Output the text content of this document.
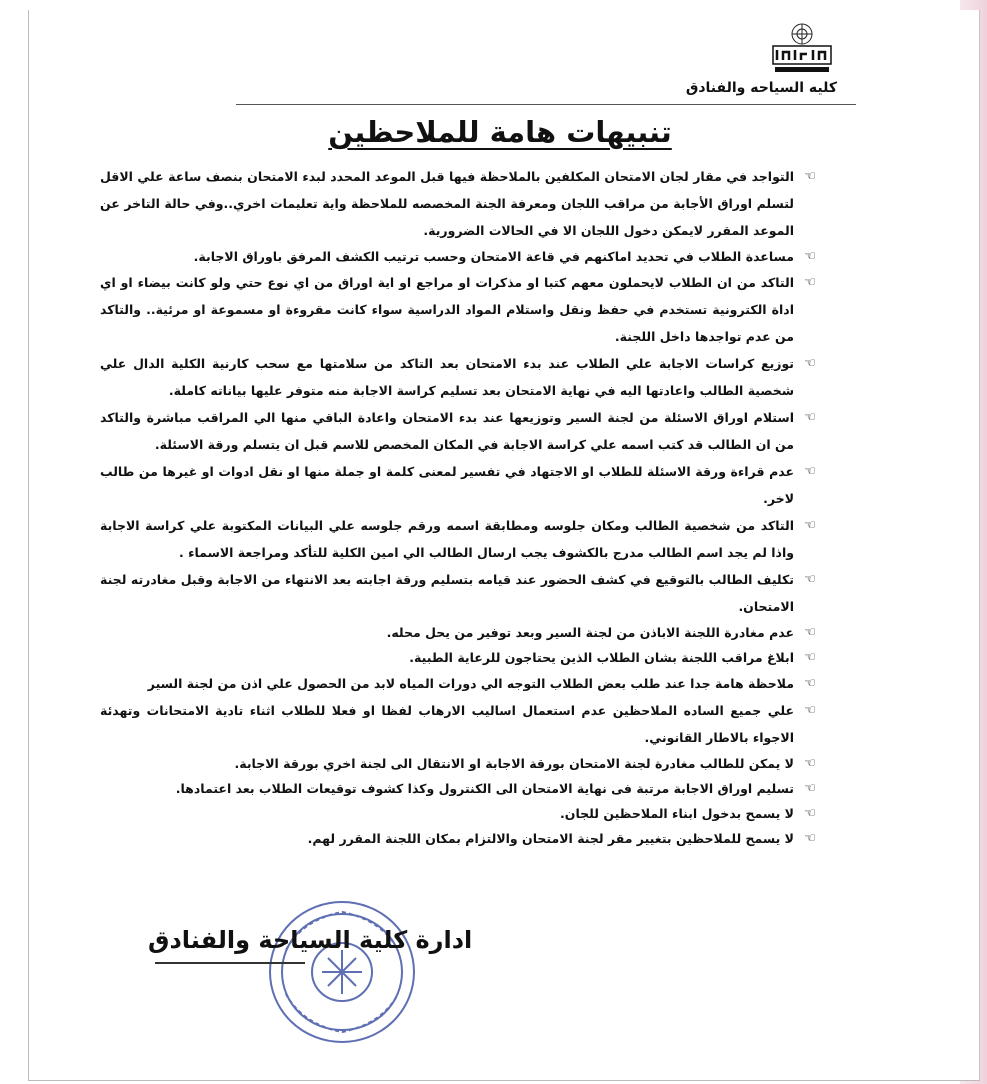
كليه السياحه والفنادق
تنبيهات هامة للملاحظين
☜
التواجد في مقار لجان الامتحان المكلفين بالملاحظة فيها قبل الموعد المحدد لبدء الامتحان بنصف ساعة علي الاقل لتسلم اوراق الأجابة من مراقب اللجان ومعرفة الجنة المخصصه للملاحظة واية تعليمات اخري..وفي حالة التاخر عن الموعد المقرر لايمكن دخول اللجان الا في الحالات الضرورية.
☜
مساعدة الطلاب في تحديد اماكنهم في قاعة الامتحان وحسب ترتيب الكشف المرفق باوراق الاجابة.
☜
التاكد من ان الطلاب لايحملون معهم كتبا او مذكرات او مراجع او اية اوراق من اي نوع حتي ولو كانت بيضاء او اي اداة الكترونية تستخدم في حفظ ونقل واستلام المواد الدراسية سواء كانت مقروءة او مسموعة او مرئية.. والتاكد من عدم تواجدها داخل اللجنة.
☜
توزيع كراسات الاجابة علي الطلاب عند بدء الامتحان بعد التاكد من سلامتها مع سحب كارنية الكلية الدال علي شخصية الطالب واعادتها اليه في نهاية الامتحان بعد تسليم كراسة الاجابة منه متوفر عليها بياناته كاملة.
☜
استلام اوراق الاسئلة من لجنة السير وتوزيعها عند بدء الامتحان واعادة الباقي منها الي المراقب مباشرة والتاكد من ان الطالب قد كتب اسمه علي كراسة الاجابة في المكان المخصص للاسم قبل ان يتسلم ورقة الاسئلة.
☜
عدم قراءة ورقة الاسئلة للطلاب او الاجتهاد في تفسير لمعنى كلمة او جملة منها او نقل ادوات او غيرها من طالب لاخر.
☜
التاكد من شخصية الطالب ومكان جلوسه ومطابقة اسمه ورقم جلوسه علي البيانات المكتوبة علي كراسة الاجابة واذا لم يجد اسم الطالب مدرج بالكشوف يجب ارسال الطالب الي امين الكلية للتأكد ومراجعة الاسماء .
☜
تكليف الطالب بالتوقيع في كشف الحضور عند قيامه بتسليم ورقة اجابته بعد الانتهاء من الاجابة وقبل مغادرته لجنة الامتحان.
☜
عدم مغادرة اللجنة الاباذن من لجنة السير وبعد توفير من يحل محله.
☜
ابلاغ مراقب اللجنة بشان الطلاب الذين يحتاجون للرعاية الطبية.
☜
ملاحظة هامة جدا عند طلب بعض الطلاب التوجه الي دورات المياه لابد من الحصول علي اذن من لجنة السير
☜
علي جميع الساده الملاحظين عدم استعمال اساليب الارهاب لفظا او فعلا للطلاب اثناء تادية الامتحانات وتهدئة الاجواء بالاطار القانوني.
☜
لا يمكن للطالب مغادرة لجنة الامتحان بورقة الاجابة او الانتقال الى لجنة اخري بورقة الاجابة.
☜
تسليم اوراق الاجابة مرتبة فى نهاية الامتحان الى الكنترول وكذا كشوف توقيعات الطلاب بعد اعتمادها.
☜
لا يسمح بدخول ابناء الملاحظين للجان.
☜
لا يسمح للملاحظين بتغيير مقر لجنة الامتحان والالتزام بمكان اللجنة المقرر لهم.
ادارة كلية السياحة والفنادق
